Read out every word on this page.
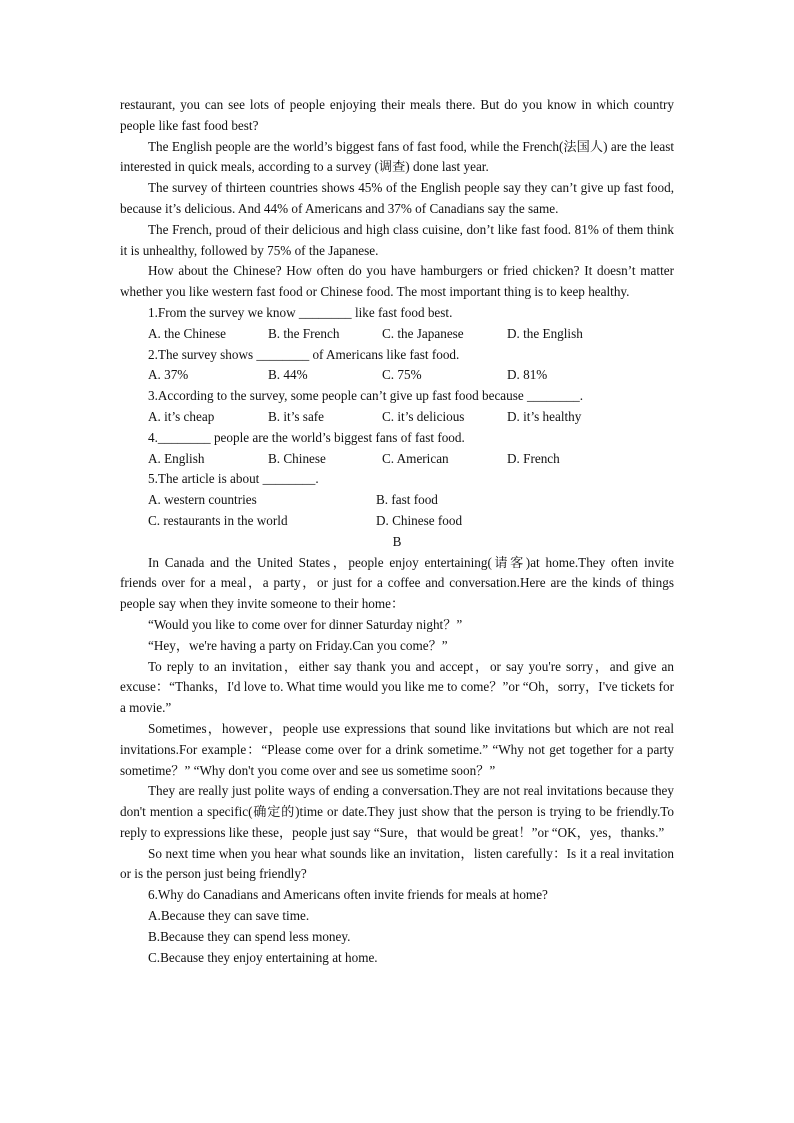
restaurant, you can see lots of people enjoying their meals there. But do you know in which country people like fast food best?

The English people are the world’s biggest fans of fast food, while the French(法国人) are the least interested in quick meals, according to a survey (调查) done last year.

The survey of thirteen countries shows 45% of the English people say they can’t give up fast food, because it’s delicious. And 44% of Americans and 37% of Canadians say the same.

The French, proud of their delicious and high class cuisine, don’t like fast food. 81% of them think it is unhealthy, followed by 75% of the Japanese.

How about the Chinese? How often do you have hamburgers or fried chicken? It doesn’t matter whether you like western fast food or Chinese food. The most important thing is to keep healthy.

1.From the survey we know ________ like fast food best.

A. the Chinese	B. the French	C. the Japanese	D. the English

2.The survey shows ________ of Americans like fast food.

A. 37%	B. 44%	C. 75%	D. 81%

3.According to the survey, some people can’t give up fast food because ________.

A. it’s cheap	B. it’s safe	C. it’s delicious	D. it’s healthy

4.________ people are the world’s biggest fans of fast food.

A. English	B. Chinese	C. American	D. French

5.The article is about ________.

A. western countries	B. fast food
C. restaurants in the world	D. Chinese food

B

In Canada and the United States，people enjoy entertaining(请客)at home.They often invite friends over for a meal，a party，or just for a coffee and conversation.Here are the kinds of things people say when they invite someone to their home：

“Would you like to come over for dinner Saturday night？”

“Hey，we're having a party on Friday.Can you come？”

To reply to an invitation，either say thank you and accept，or say you're sorry，and give an excuse：“Thanks，I'd love to. What time would you like me to come？”or “Oh，sorry，I've tickets for a movie.”

Sometimes，however，people use expressions that sound like invitations but which are not real invitations.For example：“Please come over for a drink sometime.” “Why not get together for a party sometime？” “Why don't you come over and see us sometime soon？”

They are really just polite ways of ending a conversation.They are not real invitations because they don't mention a specific(确定的)time or date.They just show that the person is trying to be friendly.To reply to expressions like these，people just say “Sure，that would be great！”or “OK，yes，thanks.”

So next time when you hear what sounds like an invitation，listen carefully：Is it a real invitation or is the person just being friendly?

6.Why do Canadians and Americans often invite friends for meals at home?

A.Because they can save time.

B.Because they can spend less money.

C.Because they enjoy entertaining at home.
